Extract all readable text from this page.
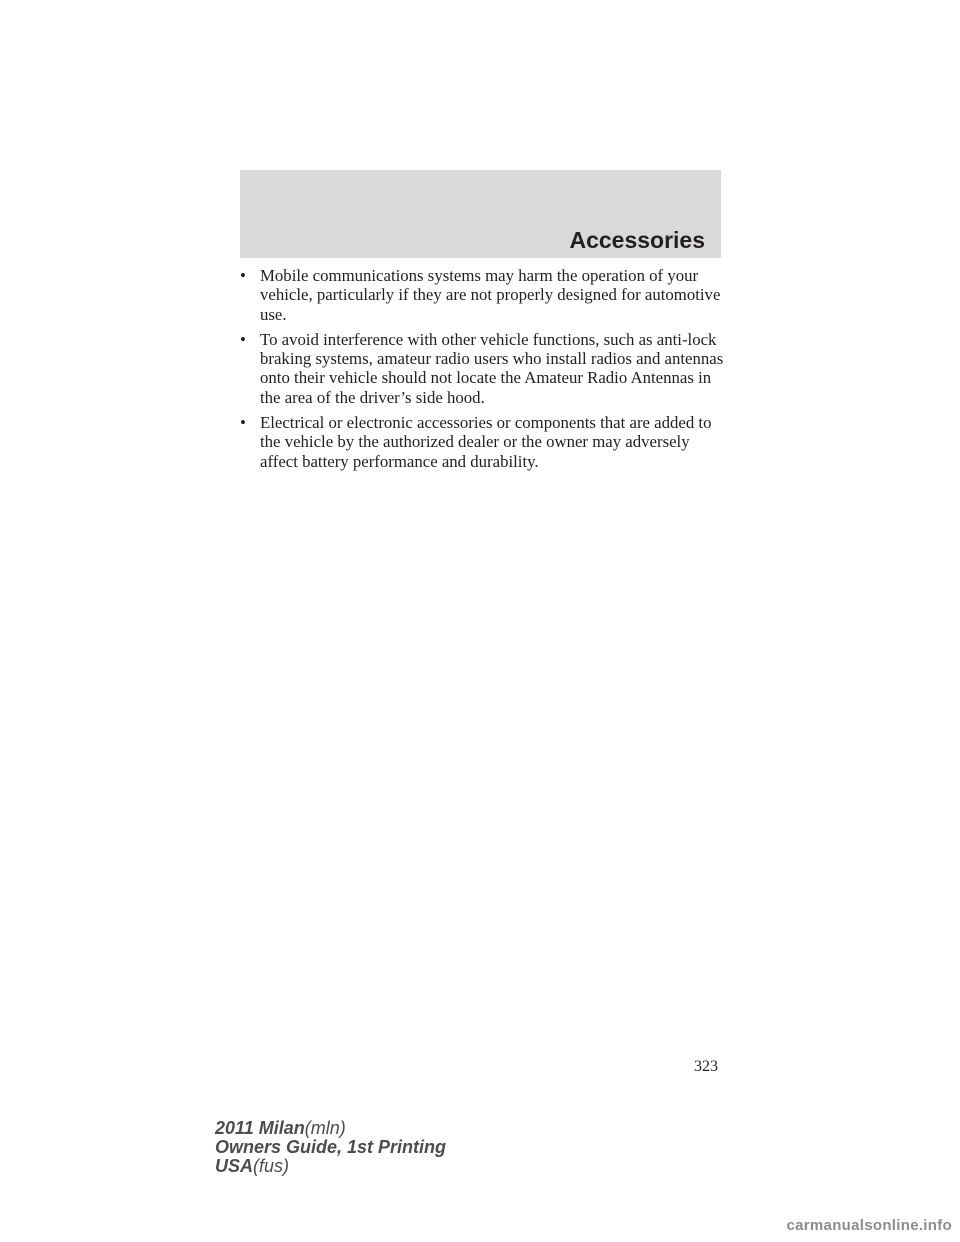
Accessories
• Mobile communications systems may harm the operation of your vehicle, particularly if they are not properly designed for automotive use.
• To avoid interference with other vehicle functions, such as anti-lock braking systems, amateur radio users who install radios and antennas onto their vehicle should not locate the Amateur Radio Antennas in the area of the driver’s side hood.
• Electrical or electronic accessories or components that are added to the vehicle by the authorized dealer or the owner may adversely affect battery performance and durability.
323
2011 Milan(mln)
Owners Guide, 1st Printing
USA(fus)
carmanualsonline.info
